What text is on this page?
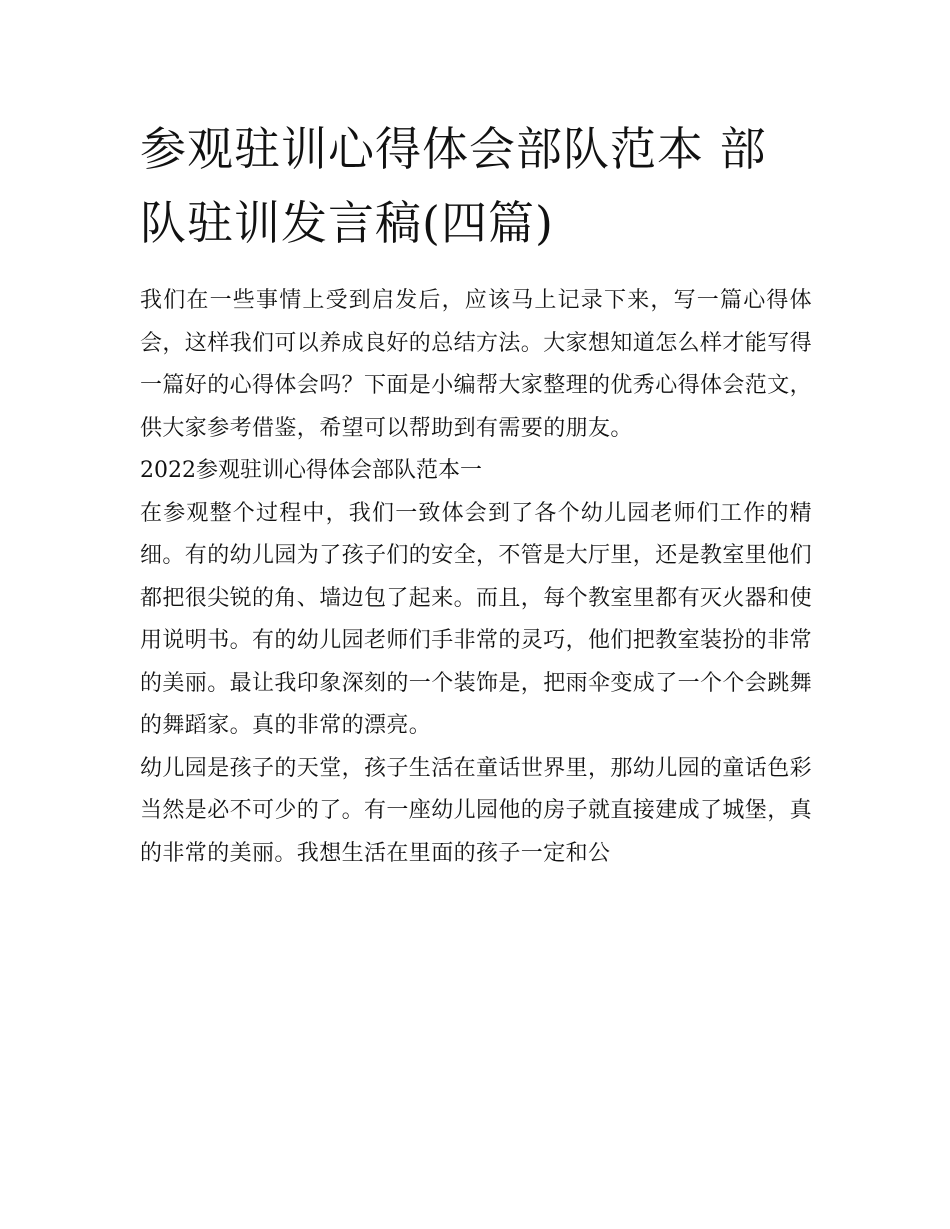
参观驻训心得体会部队范本 部队驻训发言稿(四篇)

我们在一些事情上受到启发后，应该马上记录下来，写一篇心得体会，这样我们可以养成良好的总结方法。大家想知道怎么样才能写得一篇好的心得体会吗？下面是小编帮大家整理的优秀心得体会范文，供大家参考借鉴，希望可以帮助到有需要的朋友。

2022参观驻训心得体会部队范本一

在参观整个过程中，我们一致体会到了各个幼儿园老师们工作的精细。有的幼儿园为了孩子们的安全，不管是大厅里，还是教室里他们都把很尖锐的角、墙边包了起来。而且，每个教室里都有灭火器和使用说明书。有的幼儿园老师们手非常的灵巧，他们把教室装扮的非常的美丽。最让我印象深刻的一个装饰是，把雨伞变成了一个个会跳舞的舞蹈家。真的非常的漂亮。

幼儿园是孩子的天堂，孩子生活在童话世界里，那幼儿园的童话色彩当然是必不可少的了。有一座幼儿园他的房子就直接建成了城堡，真的非常的美丽。我想生活在里面的孩子一定和公
